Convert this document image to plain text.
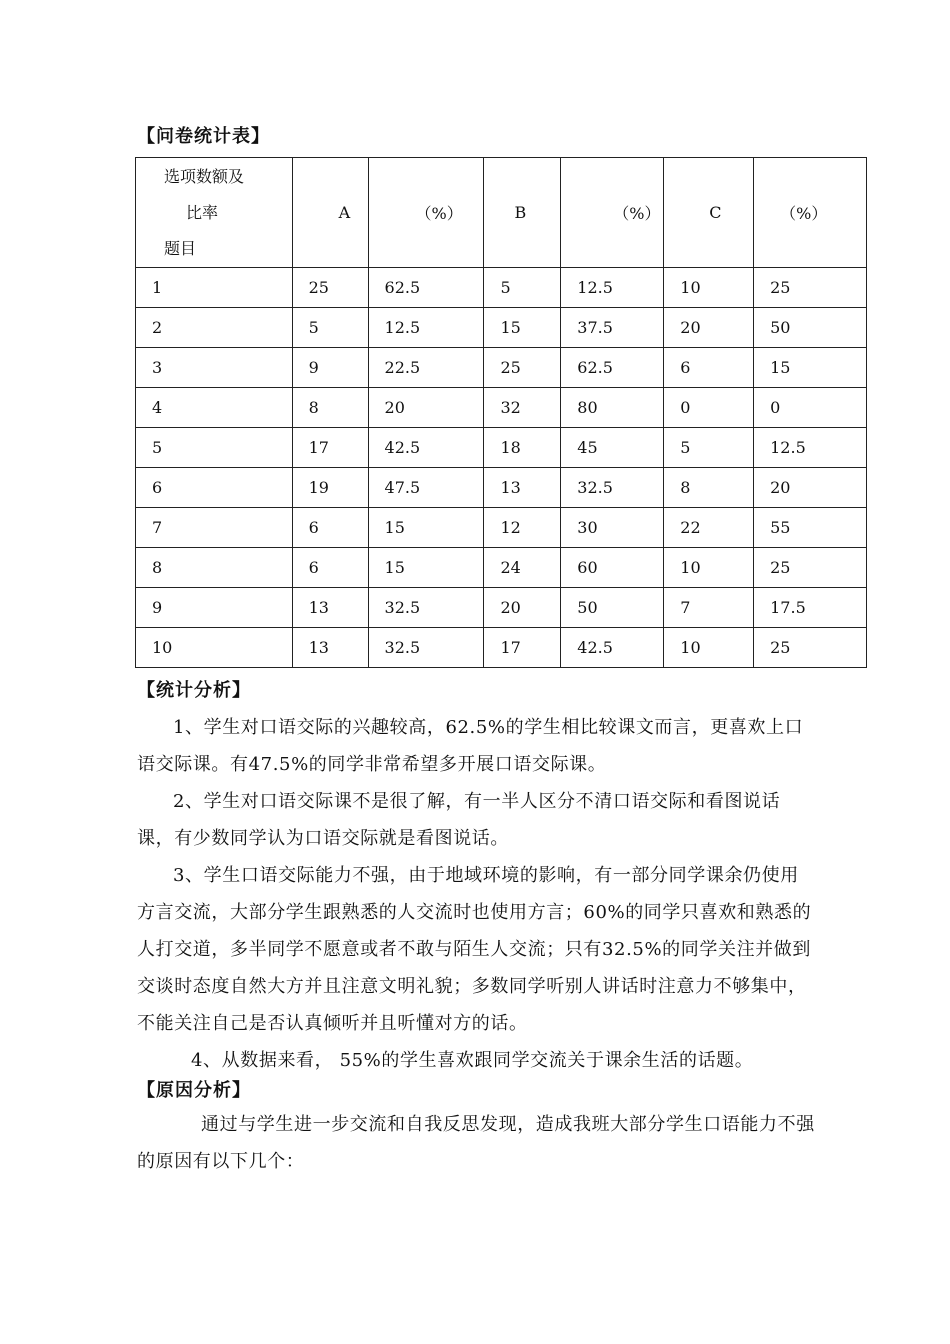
【问卷统计表】
选项数额及
比率
题目	A	（%）	B	（%）	C	（%）
1	25	62.5	5	12.5	10	25
2	5	12.5	15	37.5	20	50
3	9	22.5	25	62.5	6	15
4	8	20	32	80	0	0
5	17	42.5	18	45	5	12.5
6	19	47.5	13	32.5	8	20
7	6	15	12	30	22	55
8	6	15	24	60	10	25
9	13	32.5	20	50	7	17.5
10	13	32.5	17	42.5	10	25
【统计分析】

1、学生对口语交际的兴趣较高，62.5%的学生相比较课文而言，更喜欢上口语交际课。有47.5%的同学非常希望多开展口语交际课。

2、学生对口语交际课不是很了解，有一半人区分不清口语交际和看图说话课，有少数同学认为口语交际就是看图说话。

3、学生口语交际能力不强，由于地域环境的影响，有一部分同学课余仍使用方言交流，大部分学生跟熟悉的人交流时也使用方言；60%的同学只喜欢和熟悉的人打交道，多半同学不愿意或者不敢与陌生人交流；只有32.5%的同学关注并做到交谈时态度自然大方并且注意文明礼貌；多数同学听别人讲话时注意力不够集中，不能关注自己是否认真倾听并且听懂对方的话。

4、从数据来看， 55%的学生喜欢跟同学交流关于课余生活的话题。

【原因分析】

通过与学生进一步交流和自我反思发现，造成我班大部分学生口语能力不强的原因有以下几个：
